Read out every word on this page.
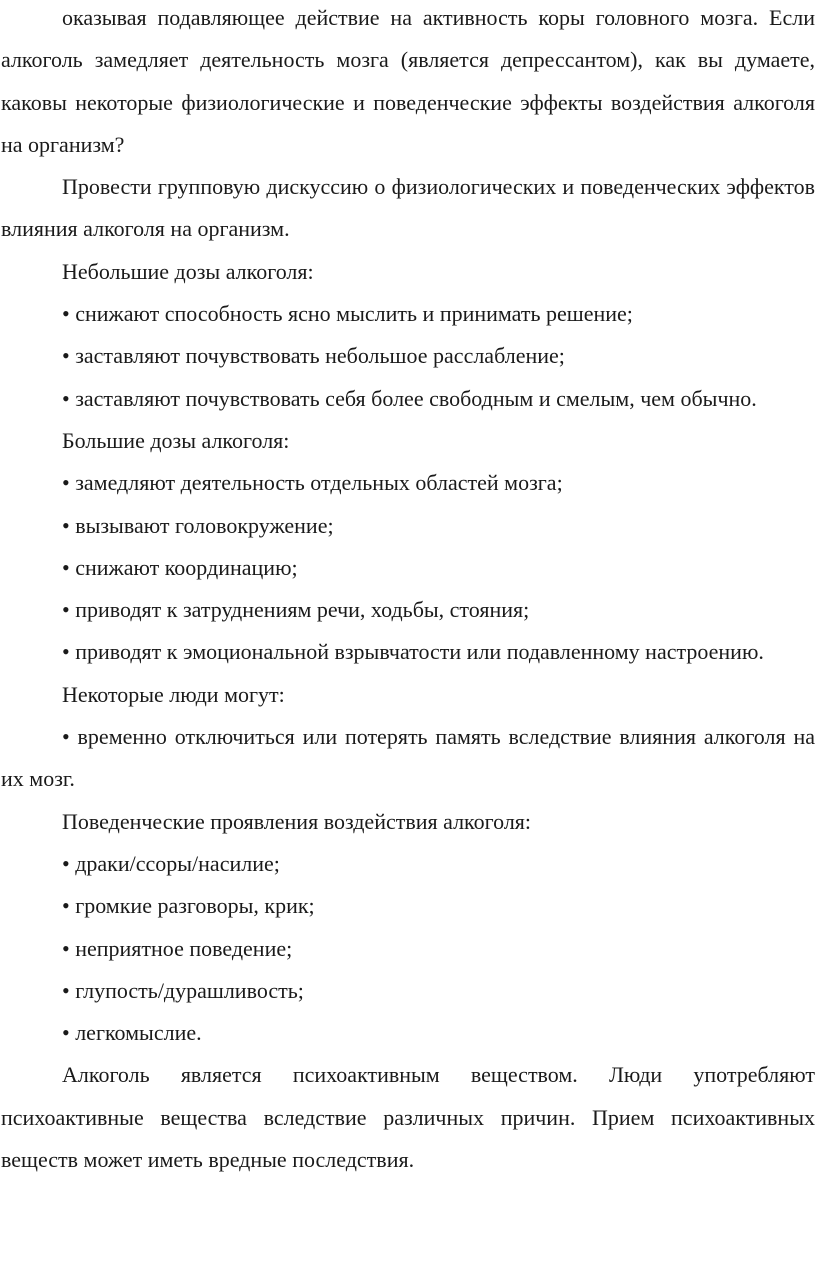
оказывая подавляющее действие на активность коры головного мозга. Если алкоголь замедляет деятельность мозга (является депрессантом), как вы думаете, каковы некоторые физиологические и поведенческие эффекты воздействия алкоголя на организм?

Провести групповую дискуссию о физиологических и поведенческих эффектов влияния алкоголя на организм.

Небольшие дозы алкоголя:

• снижают способность ясно мыслить и принимать решение;

• заставляют почувствовать небольшое расслабление;

• заставляют почувствовать себя более свободным и смелым, чем обычно.

Большие дозы алкоголя:

• замедляют деятельность отдельных областей мозга;

• вызывают головокружение;

• снижают координацию;

• приводят к затруднениям речи, ходьбы, стояния;

• приводят к эмоциональной взрывчатости или подавленному настроению.

Некоторые люди могут:

• временно отключиться или потерять память вследствие влияния алкоголя на их мозг.

Поведенческие проявления воздействия алкоголя:

• драки/ссоры/насилие;

• громкие разговоры, крик;

• неприятное поведение;

• глупость/дурашливость;

• легкомыслие.

Алкоголь является психоактивным веществом. Люди употребляют психоактивные вещества вследствие различных причин. Прием психоактивных веществ может иметь вредные последствия.
